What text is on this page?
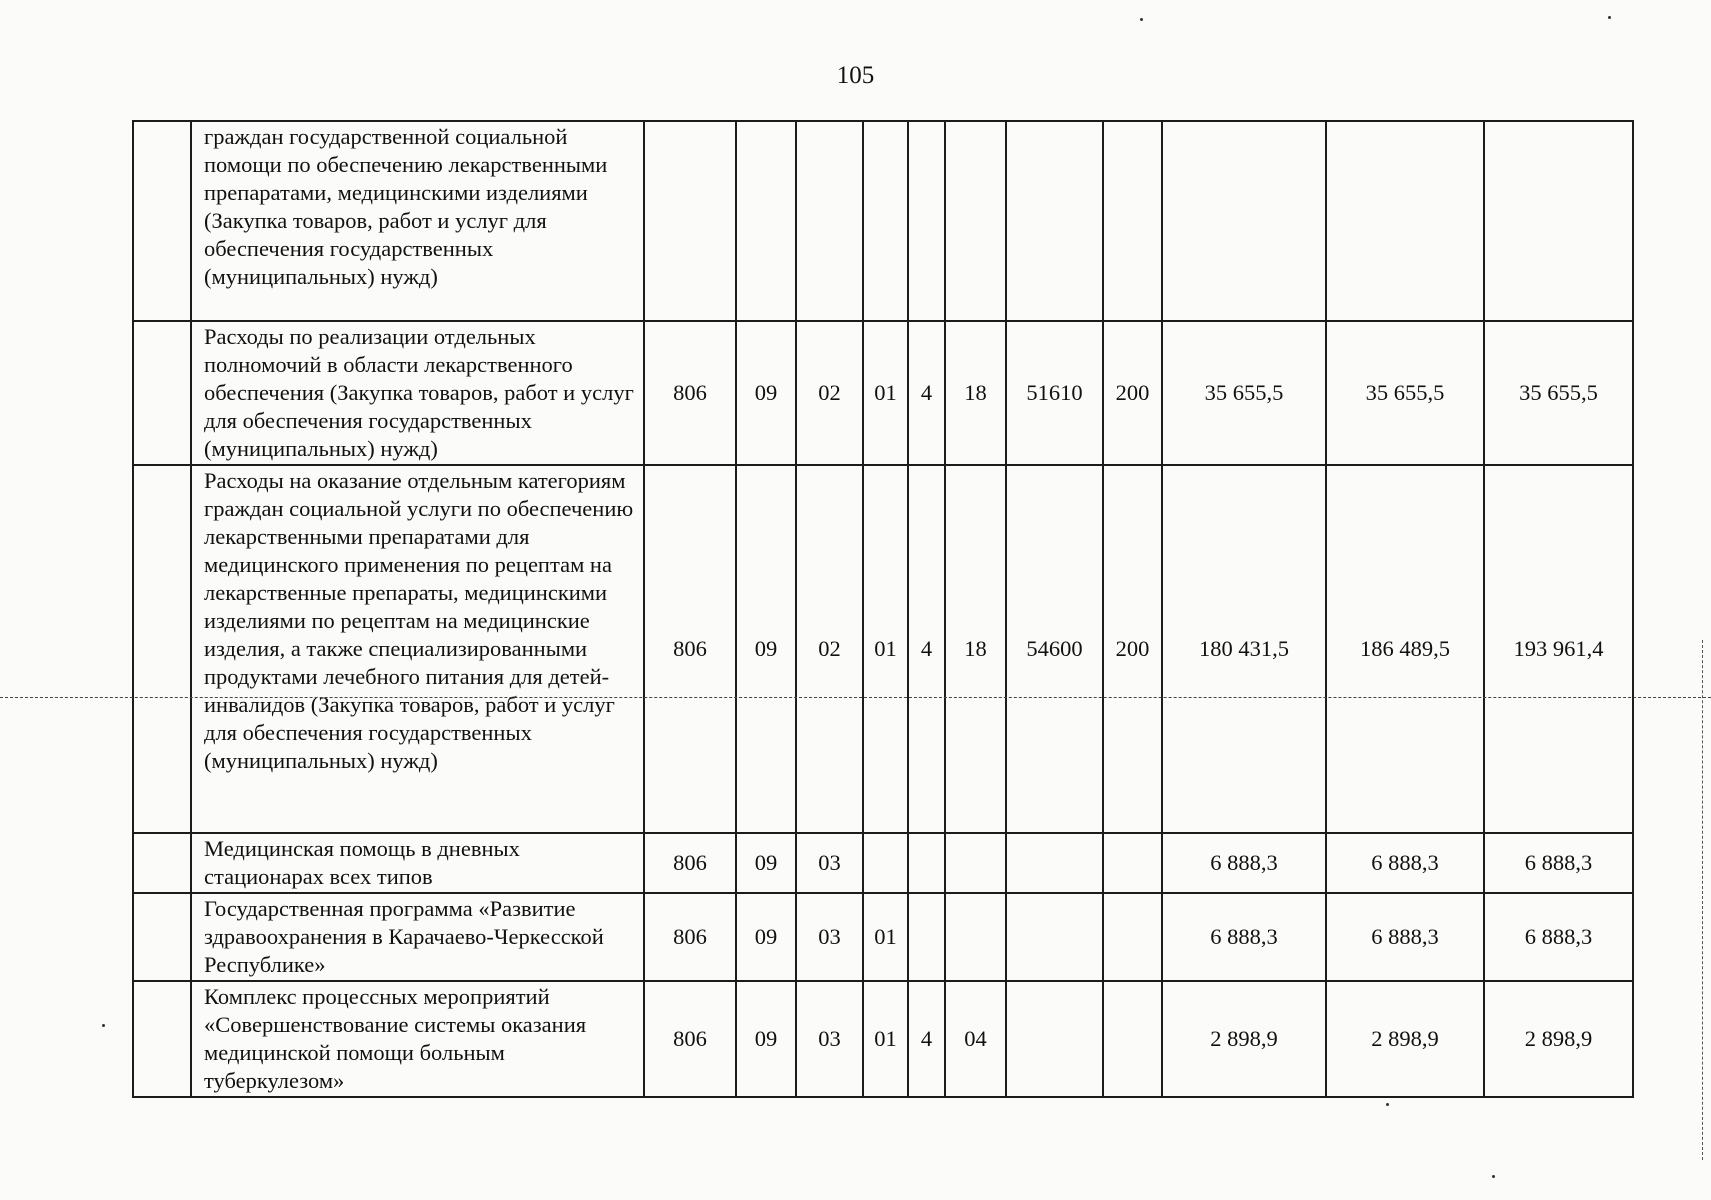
105
	граждан государственной социальной помощи по обеспечению лекарственными препаратами, медицинскими изделиями (Закупка товаров, работ и услуг для обеспечения государственных (муниципальных) нужд)											
	Расходы по реализации отдельных полномочий в области лекарственного обеспечения (Закупка товаров, работ и услуг для обеспечения государственных (муниципальных) нужд)	806	09	02	01	4	18	51610	200	35 655,5	35 655,5	35 655,5
	Расходы на оказание отдельным категориям граждан социальной услуги по обеспечению лекарственными препаратами для медицинского применения по рецептам на лекарственные препараты, медицинскими изделиями по рецептам на медицинские изделия, а также специализированными продуктами лечебного питания для детей-инвалидов (Закупка товаров, работ и услуг для обеспечения государственных (муниципальных) нужд)	806	09	02	01	4	18	54600	200	180 431,5	186 489,5	193 961,4
	Медицинская помощь в дневных стационарах всех типов	806	09	03						6 888,3	6 888,3	6 888,3
	Государственная программа «Развитие здравоохранения в Карачаево-Черкесской Республике»	806	09	03	01					6 888,3	6 888,3	6 888,3
	Комплекс процессных мероприятий «Совершенствование системы оказания медицинской помощи больным туберкулезом»	806	09	03	01	4	04			2 898,9	2 898,9	2 898,9
